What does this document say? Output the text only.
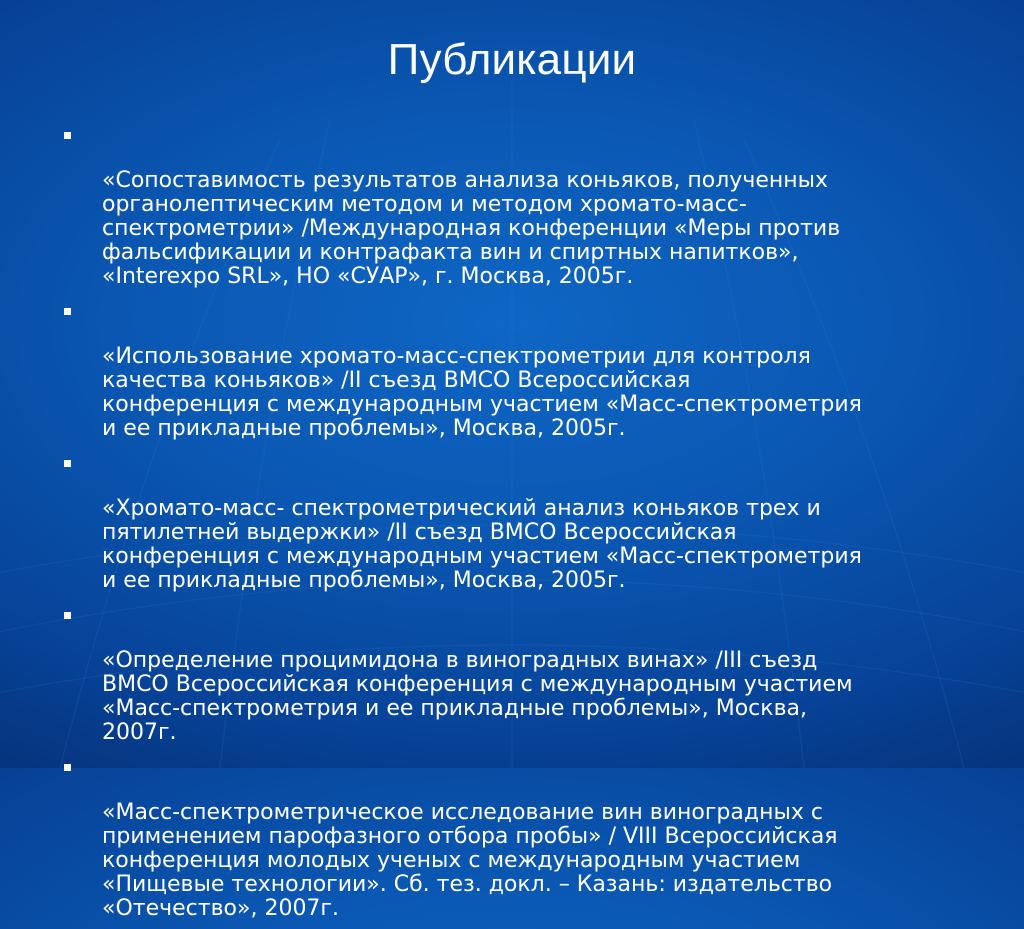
Публикации

«Сопоставимость результатов анализа коньяков, полученных
органолептическим методом и методом хромато-масс-
спектрометрии» /Международная конференции «Меры против
фальсификации и контрафакта вин и спиртных напитков»,
«Interexpo SRL», НО «СУАР», г. Москва, 2005г.

«Использование хромато-масс-спектрометрии для контроля
качества коньяков» /II съезд ВМСО Всероссийская
конференция с международным участием «Масс-спектрометрия
и ее прикладные проблемы», Москва, 2005г.

«Хромато-масс- спектрометрический анализ коньяков трех и
пятилетней выдержки» /II съезд ВМСО Всероссийская
конференция с международным участием «Масс-спектрометрия
и ее прикладные проблемы», Москва, 2005г.

«Определение процимидона в виноградных винах» /III съезд
ВМСО Всероссийская конференция с международным участием
«Масс-спектрометрия и ее прикладные проблемы», Москва,
2007г.

«Масс-спектрометрическое исследование вин виноградных с
применением парофазного отбора пробы» / VIII Всероссийская
конференция молодых ученых с международным участием
«Пищевые технологии». Сб. тез. докл. – Казань: издательство
«Отечество», 2007г.
